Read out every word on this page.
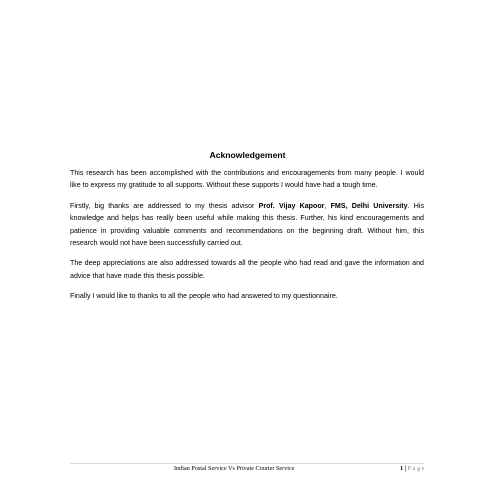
Acknowledgement

This research has been accomplished with the contributions and encouragements from many people. I would like to express my gratitude to all supports. Without these supports I would have had a tough time.

Firstly, big thanks are addressed to my thesis advisor Prof. Vijay Kapoor, FMS, Delhi University. His knowledge and helps has really been useful while making this thesis. Further, his kind encouragements and patience in providing valuable comments and recommendations on the beginning draft. Without him, this research would not have been successfully carried out.

The deep appreciations are also addressed towards all the people who had read and gave the information and advice that have made this thesis possible.

Finally I would like to thanks to all the people who had answered to my questionnaire.

Indian Postal Service Vs Private Courier Service	1 | Page
